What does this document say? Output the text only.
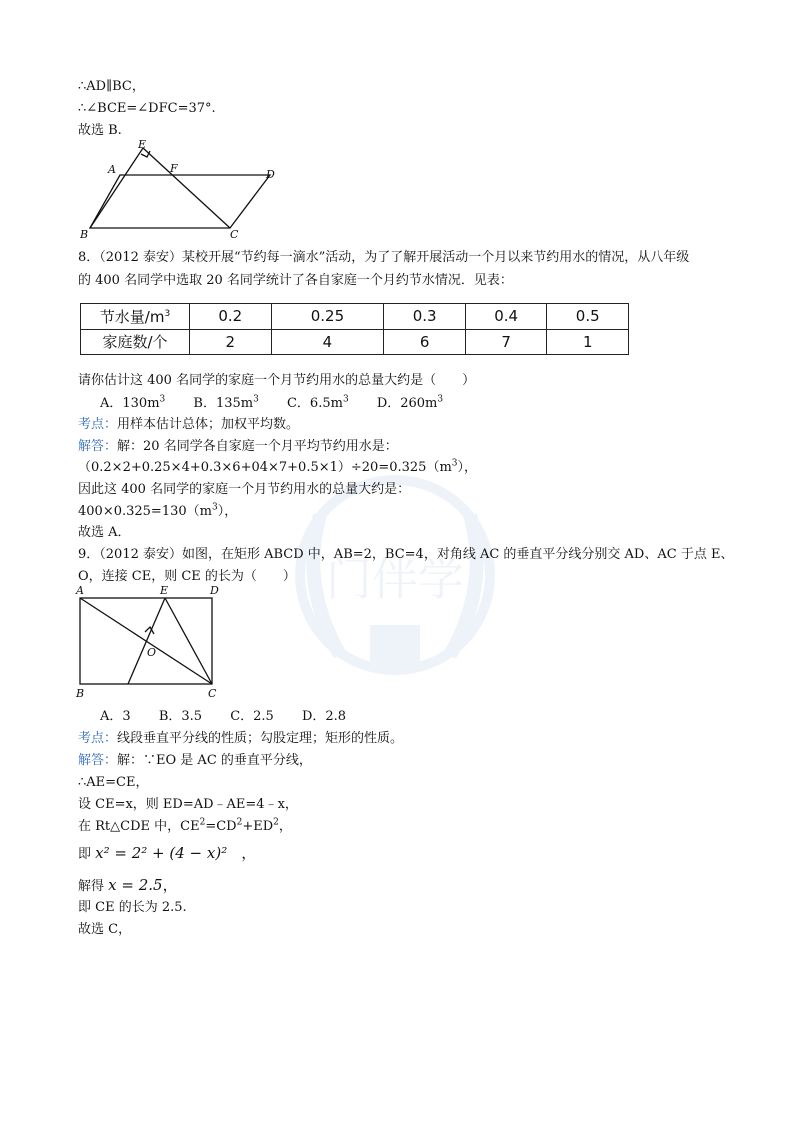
门伴学
∴AD∥BC，
∴∠BCE=∠DFC=37°.
故选 B.
E
A	F	D
B	C
8．（2012 泰安）某校开展“节约每一滴水”活动，为了了解开展活动一个月以来节约用水的情况，从八年级
的 400 名同学中选取 20 名同学统计了各自家庭一个月约节水情况．见表：
节水量$/m^3$	0.2	0.25	0.3	0.4	0.5
家庭数/个	2	4	6	7	1
请你估计这 400 名同学的家庭一个月节约用水的总量大约是（　　）
A．$130m^3$ B．$135m^3$ C．$6.5m^3$ D．$260m^3$
考点：用样本估计总体；加权平均数。
解答：解：20 名同学各自家庭一个月平均节约用水是：
$(0.2\times 2+0.25\times 4+0.3\times 6+04\times 7+0.5\times 1)\div 20=0.325(m^3)$，
因此这 400 名同学的家庭一个月节约用水的总量大约是：
$400\times 0.325=130(m^3)$，
故选 A．
9．（2012 泰安）如图，在矩形 ABCD 中，AB=2，BC=4，对角线 AC 的垂直平分线分别交 AD、AC 于点 E、
O，连接 CE，则 CE 的长为（　　）
A	E	D
O
B	C
A．3 B．3.5 C．2.5 D．2.8
考点：线段垂直平分线的性质；勾股定理；矩形的性质。
解答：解：∵EO 是 AC 的垂直平分线，
∴AE=CE，
设 CE=x，则 ED=AD﹣AE=4﹣x，
在 Rt△CDE 中，$CE^2=CD^2+ED^2$，
即 x² = 2² + (4 − x)² ，
解得 x = 2.5，
即 CE 的长为 2.5.
故选 C，
